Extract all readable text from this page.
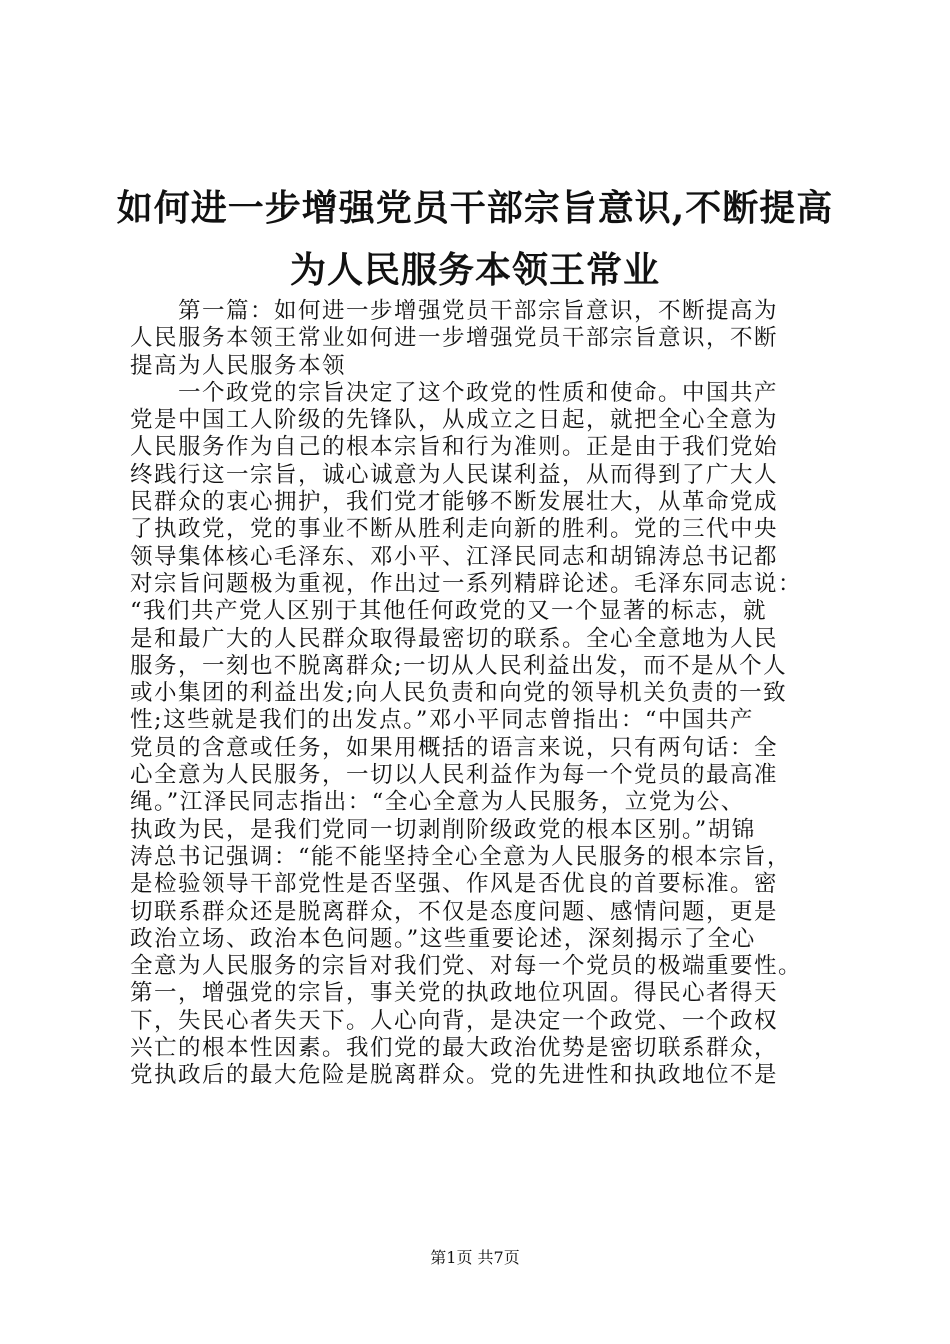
如何进一步增强党员干部宗旨意识,不断提高
为人民服务本领王常业
第一篇：如何进一步增强党员干部宗旨意识，不断提高为
人民服务本领王常业如何进一步增强党员干部宗旨意识，不断
提高为人民服务本领
一个政党的宗旨决定了这个政党的性质和使命。中国共产
党是中国工人阶级的先锋队，从成立之日起，就把全心全意为
人民服务作为自己的根本宗旨和行为准则。正是由于我们党始
终践行这一宗旨，诚心诚意为人民谋利益，从而得到了广大人
民群众的衷心拥护，我们党才能够不断发展壮大，从革命党成
了执政党，党的事业不断从胜利走向新的胜利。党的三代中央
领导集体核心毛泽东、邓小平、江泽民同志和胡锦涛总书记都
对宗旨问题极为重视，作出过一系列精辟论述。毛泽东同志说：
“我们共产党人区别于其他任何政党的又一个显著的标志，就
是和最广大的人民群众取得最密切的联系。全心全意地为人民
服务，一刻也不脱离群众;一切从人民利益出发，而不是从个人
或小集团的利益出发;向人民负责和向党的领导机关负责的一致
性;这些就是我们的出发点。”邓小平同志曾指出：“中国共产
党员的含意或任务，如果用概括的语言来说，只有两句话：全
心全意为人民服务，一切以人民利益作为每一个党员的最高准
绳。”江泽民同志指出：“全心全意为人民服务，立党为公、
执政为民，是我们党同一切剥削阶级政党的根本区别。”胡锦
涛总书记强调：“能不能坚持全心全意为人民服务的根本宗旨，
是检验领导干部党性是否坚强、作风是否优良的首要标准。密
切联系群众还是脱离群众，不仅是态度问题、感情问题，更是
政治立场、政治本色问题。”这些重要论述，深刻揭示了全心
全意为人民服务的宗旨对我们党、对每一个党员的极端重要性。
第一，增强党的宗旨，事关党的执政地位巩固。得民心者得天
下，失民心者失天下。人心向背，是决定一个政党、一个政权
兴亡的根本性因素。我们党的最大政治优势是密切联系群众，
党执政后的最大危险是脱离群众。党的先进性和执政地位不是
第1页 共7页
